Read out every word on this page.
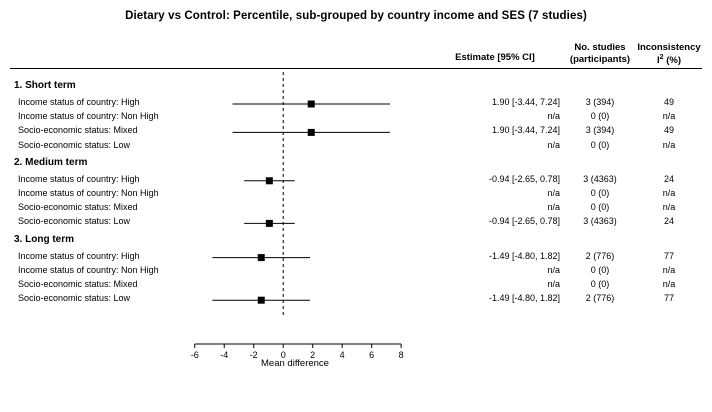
Dietary vs Control: Percentile, sub-grouped by country income and SES (7 studies)
Estimate [95% CI]
No. studies
(participants)
Inconsistency
$I^2$ (%)
1. Short term
Income status of country: High	1.90 [-3.44, 7.24]	3 (394)	49
Income status of country: Non High	n/a	0 (0)	n/a
Socio-economic status: Mixed	1.90 [-3.44, 7.24]	3 (394)	49
Socio-economic status: Low	n/a	0 (0)	n/a
2. Medium term
Income status of country: High	-0.94 [-2.65, 0.78]	3 (4363)	24
Income status of country: Non High	n/a	0 (0)	n/a
Socio-economic status: Mixed	n/a	0 (0)	n/a
Socio-economic status: Low	-0.94 [-2.65, 0.78]	3 (4363)	24
3. Long term
Income status of country: High	-1.49 [-4.80, 1.82]	2 (776)	77
Income status of country: Non High	n/a	0 (0)	n/a
Socio-economic status: Mixed	n/a	0 (0)	n/a
Socio-economic status: Low	-1.49 [-4.80, 1.82]	2 (776)	77
-6	-4	-2	0	2	4	6	8
Mean difference
